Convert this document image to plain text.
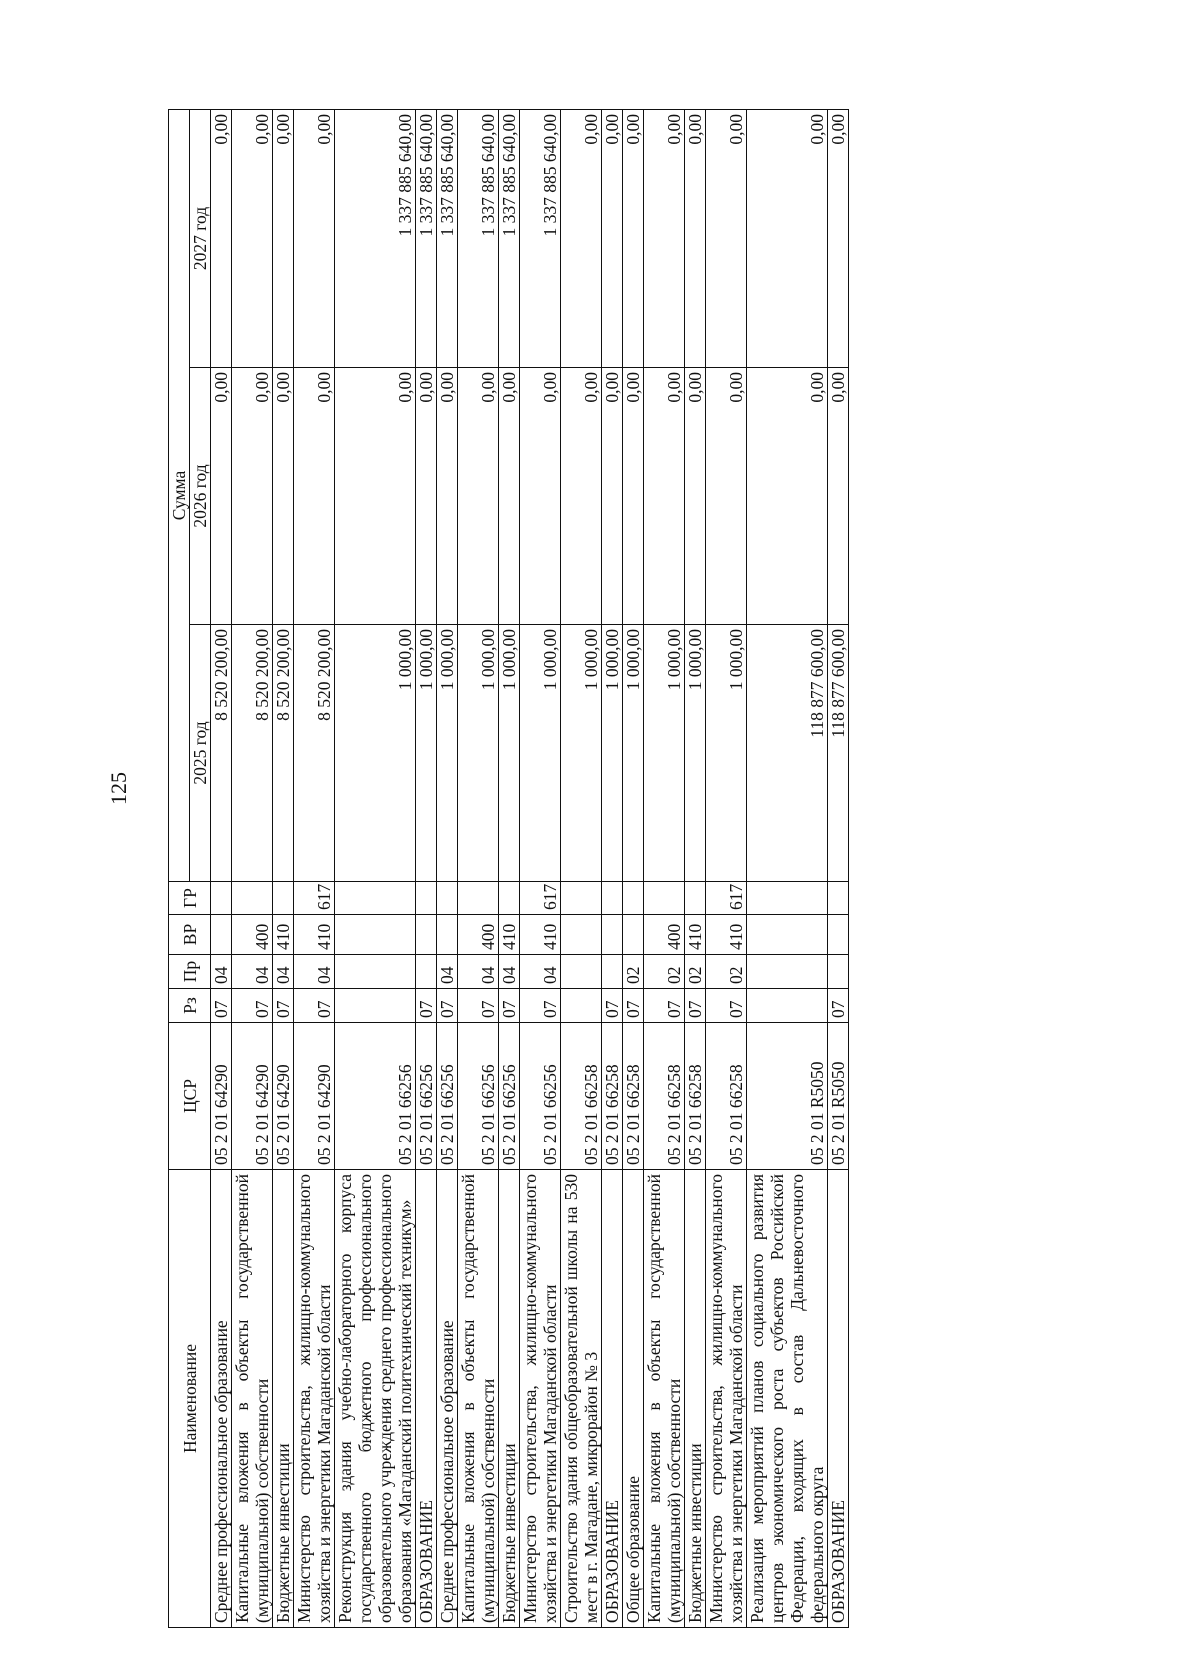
125
Наименование	ЦСР	Рз	Пр	ВР	ГР	Сумма		
						2025 год	2026 год	2027 год
Среднее профессиональное образование	05 2 01 64290	07	04			8 520 200,00	0,00	0,00
Капитальные вложения в объекты государственной (муниципальной) собственности	05 2 01 64290	07	04	400		8 520 200,00	0,00	0,00
Бюджетные инвестиции	05 2 01 64290	07	04	410		8 520 200,00	0,00	0,00
Министерство строительства, жилищно-коммунального хозяйства и энергетики Магаданской области	05 2 01 64290	07	04	410	617	8 520 200,00	0,00	0,00
Реконструкция здания учебно-лабораторного корпуса государственного бюджетного профессионального образовательного учреждения среднего профессионального образования «Магаданский политехнический техникум»	05 2 01 66256					1 000,00	0,00	1 337 885 640,00
ОБРАЗОВАНИЕ	05 2 01 66256	07				1 000,00	0,00	1 337 885 640,00
Среднее профессиональное образование	05 2 01 66256	07	04			1 000,00	0,00	1 337 885 640,00
Капитальные вложения в объекты государственной (муниципальной) собственности	05 2 01 66256	07	04	400		1 000,00	0,00	1 337 885 640,00
Бюджетные инвестиции	05 2 01 66256	07	04	410		1 000,00	0,00	1 337 885 640,00
Министерство строительства, жилищно-коммунального хозяйства и энергетики Магаданской области	05 2 01 66256	07	04	410	617	1 000,00	0,00	1 337 885 640,00
Строительство здания общеобразовательной школы на 530 мест в г. Магадане, микрорайон № 3	05 2 01 66258					1 000,00	0,00	0,00
ОБРАЗОВАНИЕ	05 2 01 66258	07				1 000,00	0,00	0,00
Общее образование	05 2 01 66258	07	02			1 000,00	0,00	0,00
Капитальные вложения в объекты государственной (муниципальной) собственности	05 2 01 66258	07	02	400		1 000,00	0,00	0,00
Бюджетные инвестиции	05 2 01 66258	07	02	410		1 000,00	0,00	0,00
Министерство строительства, жилищно-коммунального хозяйства и энергетики Магаданской области	05 2 01 66258	07	02	410	617	1 000,00	0,00	0,00
Реализация мероприятий планов социального развития центров экономического роста субъектов Российской Федерации, входящих в состав Дальневосточного федерального округа	05 2 01 R5050					118 877 600,00	0,00	0,00
ОБРАЗОВАНИЕ	05 2 01 R5050	07				118 877 600,00	0,00	0,00
